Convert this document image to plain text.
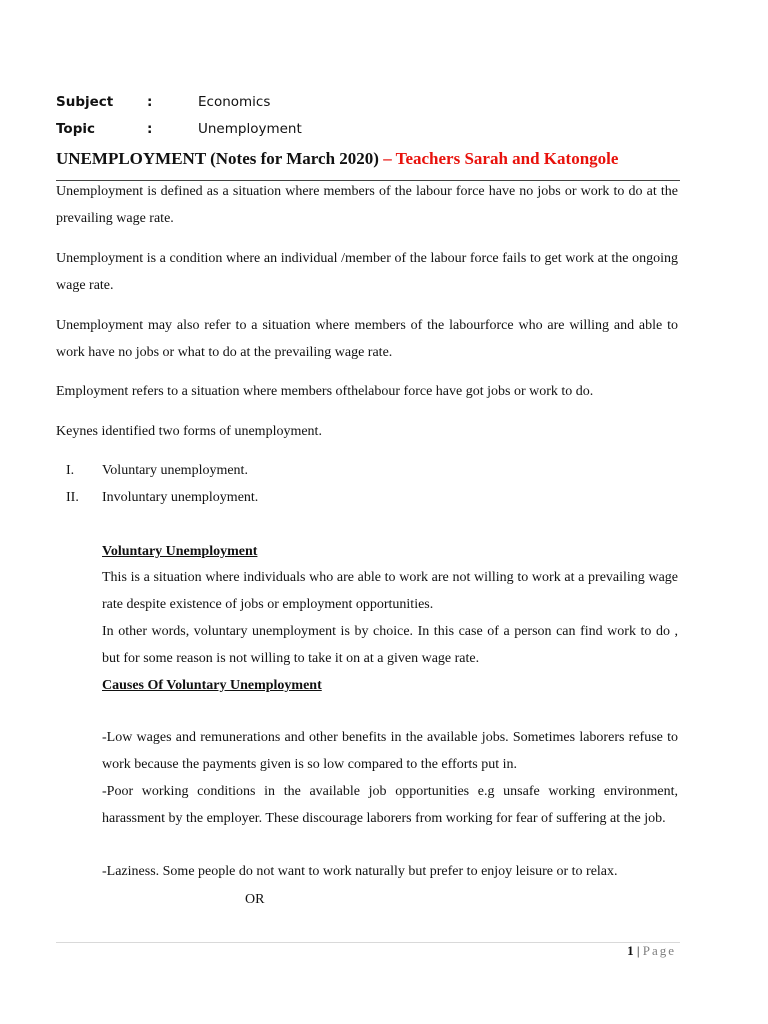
Subject	:	Economics
Topic	:	Unemployment
UNEMPLOYMENT (Notes for March 2020) – Teachers Sarah and Katongole
Unemployment is defined as a situation where members of the labour force have no jobs or work to do at the prevailing wage rate.
Unemployment is a condition where an individual /member of the labour force fails to get work at the ongoing wage rate.
Unemployment may also refer to a situation where members of the labourforce who are willing and able to work have no jobs or what to do at the prevailing wage rate.
Employment refers to a situation where members ofthelabour force have got jobs or work to do.
Keynes identified two forms of unemployment.
I.	Voluntary unemployment.
II.	Involuntary unemployment.
Voluntary Unemployment
This is a situation where individuals who are able to work are not willing to work at a prevailing wage rate despite existence of jobs or employment opportunities.
In other words, voluntary unemployment is by choice. In this case of a person can find work to do , but for some reason is not willing to take it on at a given wage rate.
Causes Of Voluntary Unemployment
-Low wages and remunerations and other benefits in the available jobs. Sometimes laborers refuse to work because the payments given is so low compared to the efforts put in.
-Poor working conditions in the available job opportunities e.g unsafe working environment, harassment by the employer. These discourage laborers from working for fear of suffering at the job.
-Laziness. Some people do not want to work naturally but prefer to enjoy leisure or to relax.
OR
1 | Page
